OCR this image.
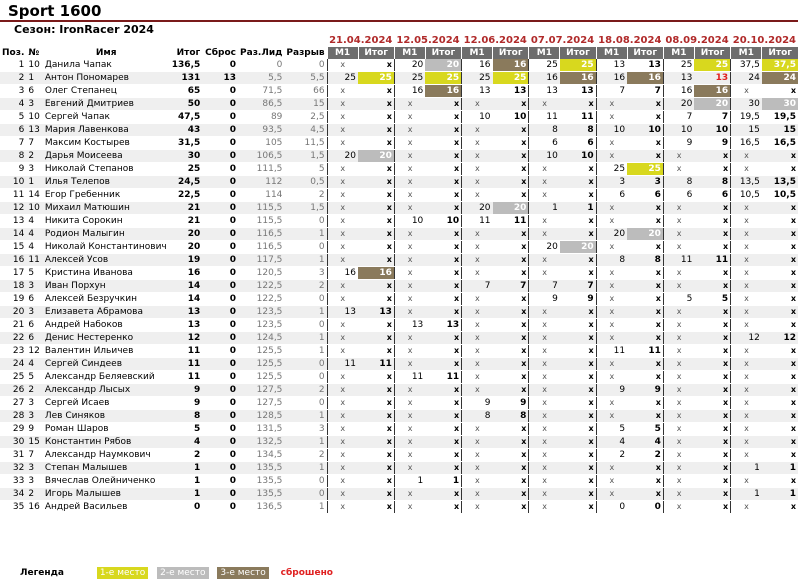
Sport 1600
Сезон: IronRacer 2024
							21.04.2024		12.05.2024		12.06.2024		07.07.2024		18.08.2024		08.09.2024		20.10.2024	
Поз.	№	Имя	Итог	Сброс	Раз.Лид	Разрыв	М1	Итог	М1	Итог	М1	Итог	М1	Итог	М1	Итог	М1	Итог	М1	Итог
1	10	Данила Чапак	136,5	0	0	0	x	x	20	20	16	16	25	25	13	13	25	25	37,5	37,5
2	1	Антон Пономарев	131	13	5,5	5,5	25	25	25	25	25	25	16	16	16	16	13	13	24	24
3	6	Олег Степанец	65	0	71,5	66	x	x	16	16	13	13	13	13	7	7	16	16	x	x
4	3	Евгений Дмитриев	50	0	86,5	15	x	x	x	x	x	x	x	x	x	x	20	20	30	30
5	10	Сергей Чапак	47,5	0	89	2,5	x	x	x	x	10	10	11	11	x	x	7	7	19,5	19,5
6	13	Мария Лавенкова	43	0	93,5	4,5	x	x	x	x	x	x	8	8	10	10	10	10	15	15
7	7	Максим Костырев	31,5	0	105	11,5	x	x	x	x	x	x	6	6	x	x	9	9	16,5	16,5
8	2	Дарья Моисеева	30	0	106,5	1,5	20	20	x	x	x	x	10	10	x	x	x	x	x	x
9	3	Николай Степанов	25	0	111,5	5	x	x	x	x	x	x	x	x	25	25	x	x	x	x
10	1	Илья Телепов	24,5	0	112	0,5	x	x	x	x	x	x	x	x	3	3	8	8	13,5	13,5
11	14	Егор Гребенник	22,5	0	114	2	x	x	x	x	x	x	x	x	6	6	6	6	10,5	10,5
12	10	Михаил Матюшин	21	0	115,5	1,5	x	x	x	x	20	20	1	1	x	x	x	x	x	x
13	4	Никита Сорокин	21	0	115,5	0	x	x	10	10	11	11	x	x	x	x	x	x	x	x
14	4	Родион Малыгин	20	0	116,5	1	x	x	x	x	x	x	x	x	20	20	x	x	x	x
15	4	Николай Константинович	20	0	116,5	0	x	x	x	x	x	x	20	20	x	x	x	x	x	x
16	11	Алексей Усов	19	0	117,5	1	x	x	x	x	x	x	x	x	8	8	11	11	x	x
17	5	Кристина Иванова	16	0	120,5	3	16	16	x	x	x	x	x	x	x	x	x	x	x	x
18	3	Иван Порхун	14	0	122,5	2	x	x	x	x	7	7	7	7	x	x	x	x	x	x
19	6	Алексей Безручкин	14	0	122,5	0	x	x	x	x	x	x	9	9	x	x	5	5	x	x
20	3	Елизавета Абрамова	13	0	123,5	1	13	13	x	x	x	x	x	x	x	x	x	x	x	x
21	6	Андрей Набоков	13	0	123,5	0	x	x	13	13	x	x	x	x	x	x	x	x	x	x
22	6	Денис Нестеренко	12	0	124,5	1	x	x	x	x	x	x	x	x	x	x	x	x	12	12
23	12	Валентин Ильичев	11	0	125,5	1	x	x	x	x	x	x	x	x	11	11	x	x	x	x
24	4	Сергей Синдеев	11	0	125,5	0	11	11	x	x	x	x	x	x	x	x	x	x	x	x
25	5	Александр Беляевский	11	0	125,5	0	x	x	11	11	x	x	x	x	x	x	x	x	x	x
26	2	Александр Лысых	9	0	127,5	2	x	x	x	x	x	x	x	x	9	9	x	x	x	x
27	3	Сергей Исаев	9	0	127,5	0	x	x	x	x	9	9	x	x	x	x	x	x	x	x
28	3	Лев Синяков	8	0	128,5	1	x	x	x	x	8	8	x	x	x	x	x	x	x	x
29	9	Роман Шаров	5	0	131,5	3	x	x	x	x	x	x	x	x	5	5	x	x	x	x
30	15	Константин Рябов	4	0	132,5	1	x	x	x	x	x	x	x	x	4	4	x	x	x	x
31	7	Александр Наумкович	2	0	134,5	2	x	x	x	x	x	x	x	x	2	2	x	x	x	x
32	3	Степан Малышев	1	0	135,5	1	x	x	x	x	x	x	x	x	x	x	x	x	1	1
33	3	Вячеслав Олейниченко	1	0	135,5	0	x	x	1	1	x	x	x	x	x	x	x	x	x	x
34	2	Игорь Малышев	1	0	135,5	0	x	x	x	x	x	x	x	x	x	x	x	x	1	1
35	16	Андрей Васильев	0	0	136,5	1	x	x	x	x	x	x	x	x	0	0	x	x	x	x
Легенда	1-е место 2-е место 3-е место сброшено
